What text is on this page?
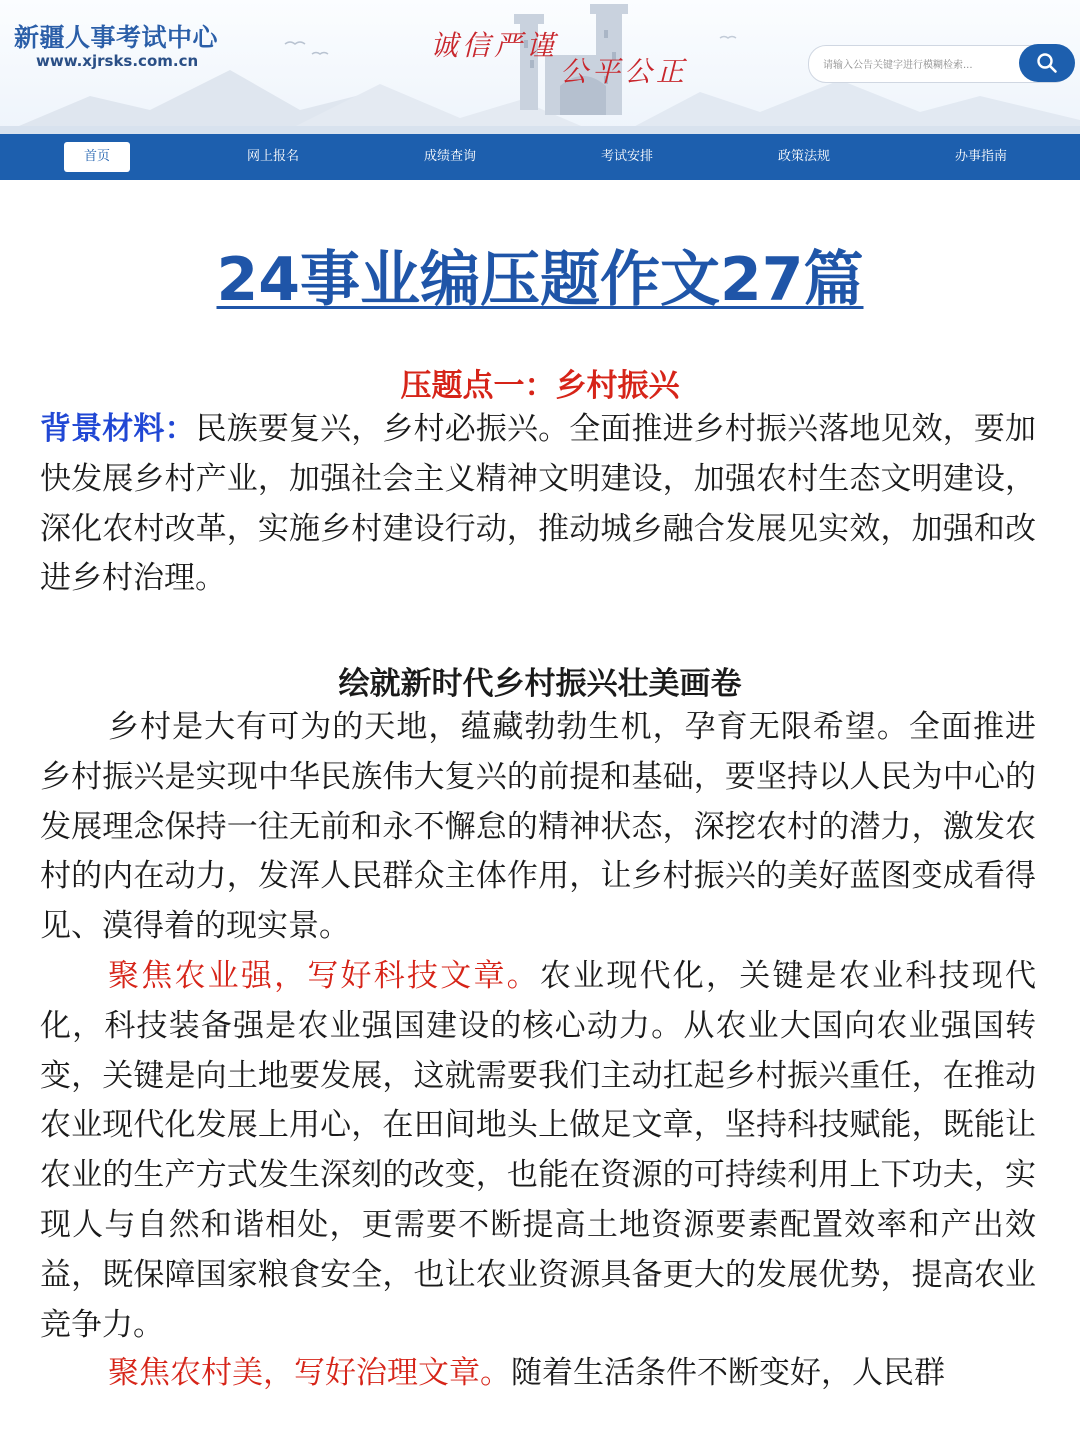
新疆人事考试中心
www.xjrsks.com.cn	诚信严谨
公平公正
请输入公告关键字进行模糊检索...
首页	网上报名	成绩查询	考试安排	政策法规	办事指南
24事业编压题作文27篇
压题点一：乡村振兴
背景材料：民族要复兴，乡村必振兴。全面推进乡村振兴落地见效，要加快发展乡村产业，加强社会主义精神文明建设，加强农村生态文明建设，深化农村改革，实施乡村建设行动，推动城乡融合发展见实效，加强和改进乡村治理。
绘就新时代乡村振兴壮美画卷
乡村是大有可为的天地，蕴藏勃勃生机，孕育无限希望。全面推进乡村振兴是实现中华民族伟大复兴的前提和基础，要坚持以人民为中心的发展理念保持一往无前和永不懈怠的精神状态，深挖农村的潜力，激发农村的内在动力，发浑人民群众主体作用，让乡村振兴的美好蓝图变成看得见、漠得着的现实景。
聚焦农业强，写好科技文章。农业现代化，关键是农业科技现代化，科技装备强是农业强国建设的核心动力。从农业大国向农业强国转变，关键是向土地要发展，这就需要我们主动扛起乡村振兴重任，在推动农业现代化发展上用心，在田间地头上做足文章，坚持科技赋能，既能让农业的生产方式发生深刻的改变，也能在资源的可持续利用上下功夫，实现人与自然和谐相处，更需要不断提高土地资源要素配置效率和产出效益，既保障国家粮食安全，也让农业资源具备更大的发展优势，提高农业竞争力。
聚焦农村美，写好治理文章。随着生活条件不断变好，人民群
